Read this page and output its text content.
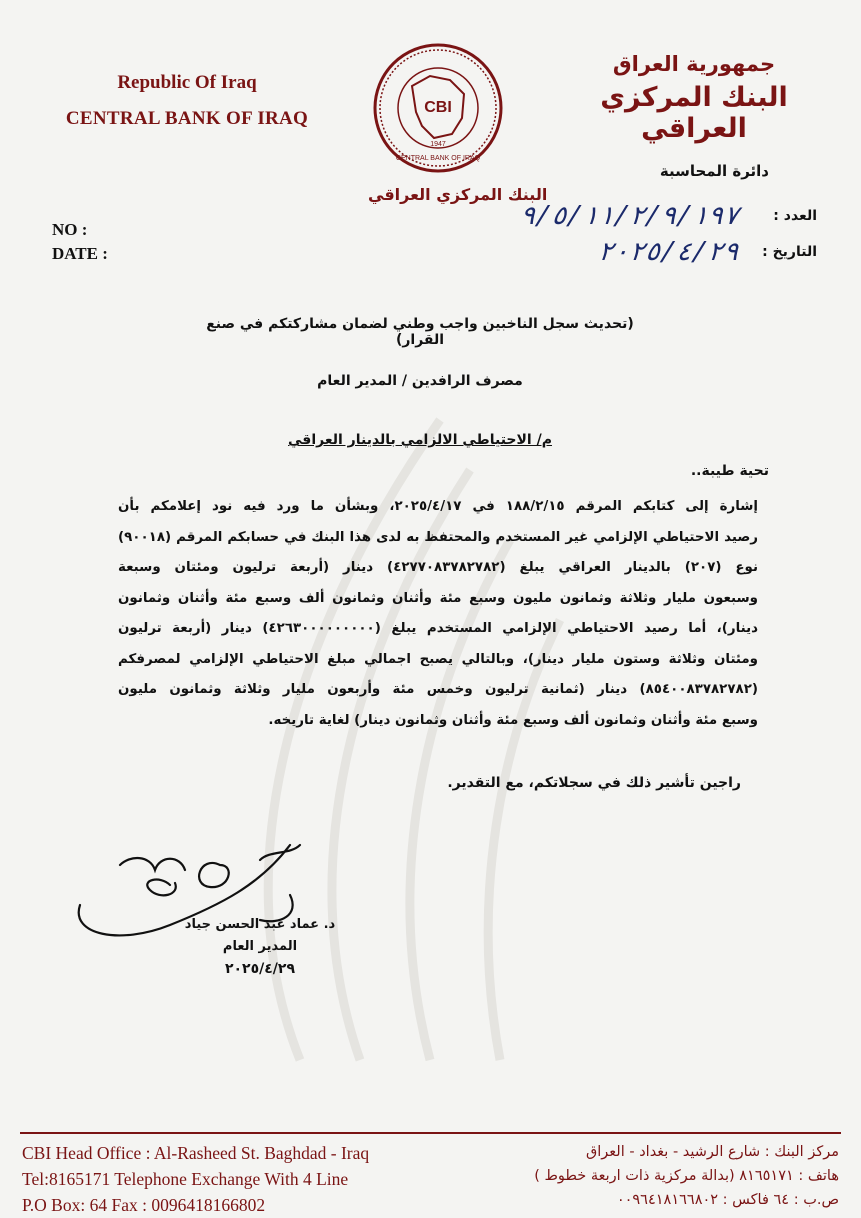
Republic Of Iraq
CENTRAL BANK OF IRAQ
CBI
1947
CENTRAL BANK OF IRAQ
جمهورية العراق
البنك المركزي العراقي
دائرة المحاسبة
البنك المركزي العراقي
NO :
DATE :
العدد :
٩/٥/١١/٢/٩/١٩٧
التاريخ :
٢٠٢٥/٤/٢٩
(تحديث سجل الناخبين واجب وطني لضمان مشاركتكم في صنع القرار)
مصرف الرافدين / المدير العام
م/ الاحتياطي الالزامي بالدينار العراقي
تحية طيبة..
إشارة إلى كتابكم المرقم ١٨٨/٢/١٥ في ٢٠٢٥/٤/١٧، وبشأن ما ورد فيه نود إعلامكم بأن
رصيد الاحتياطي الإلزامي غير المستخدم والمحتفظ به لدى هذا البنك في حسابكم المرقم (٩٠٠١٨)
نوع (٢٠٧) بالدينار العراقي يبلغ (٤٢٧٧٠٨٣٧٨٢٧٨٢) دينار (أربعة ترليون ومئتان وسبعة
وسبعون مليار وثلاثة وثمانون مليون وسبع مئة وأثنان وثمانون ألف وسبع مئة وأثنان وثمانون
دينار)، أما رصيد الاحتياطي الإلزامي المستخدم يبلغ (٤٢٦٣٠٠٠٠٠٠٠٠٠) دينار (أربعة ترليون
ومئتان وثلاثة وستون مليار دينار)، وبالتالي يصبح اجمالي مبلغ الاحتياطي الإلزامي لمصرفكم
(٨٥٤٠٠٨٣٧٨٢٧٨٢) دينار (ثمانية ترليون وخمس مئة وأربعون مليار وثلاثة وثمانون مليون
وسبع مئة وأثنان وثمانون ألف وسبع مئة وأثنان وثمانون دينار) لغاية تاريخه.
راجين تأشير ذلك في سجلاتكم، مع التقدير.
د. عماد عبد الحسن جياد
المدير العام
٢٠٢٥/٤/٢٩
CBI Head Office : Al-Rasheed St. Baghdad - Iraq
Tel:8165171 Telephone Exchange With 4 Line
P.O Box: 64 Fax : 0096418166802
مركز البنك : شارع الرشيد - بغداد - العراق
هاتف : ٨١٦٥١٧١ (بدالة مركزية ذات اربعة خطوط )
ص.ب : ٦٤ فاكس : ٠٠٩٦٤١٨١٦٦٨٠٢
